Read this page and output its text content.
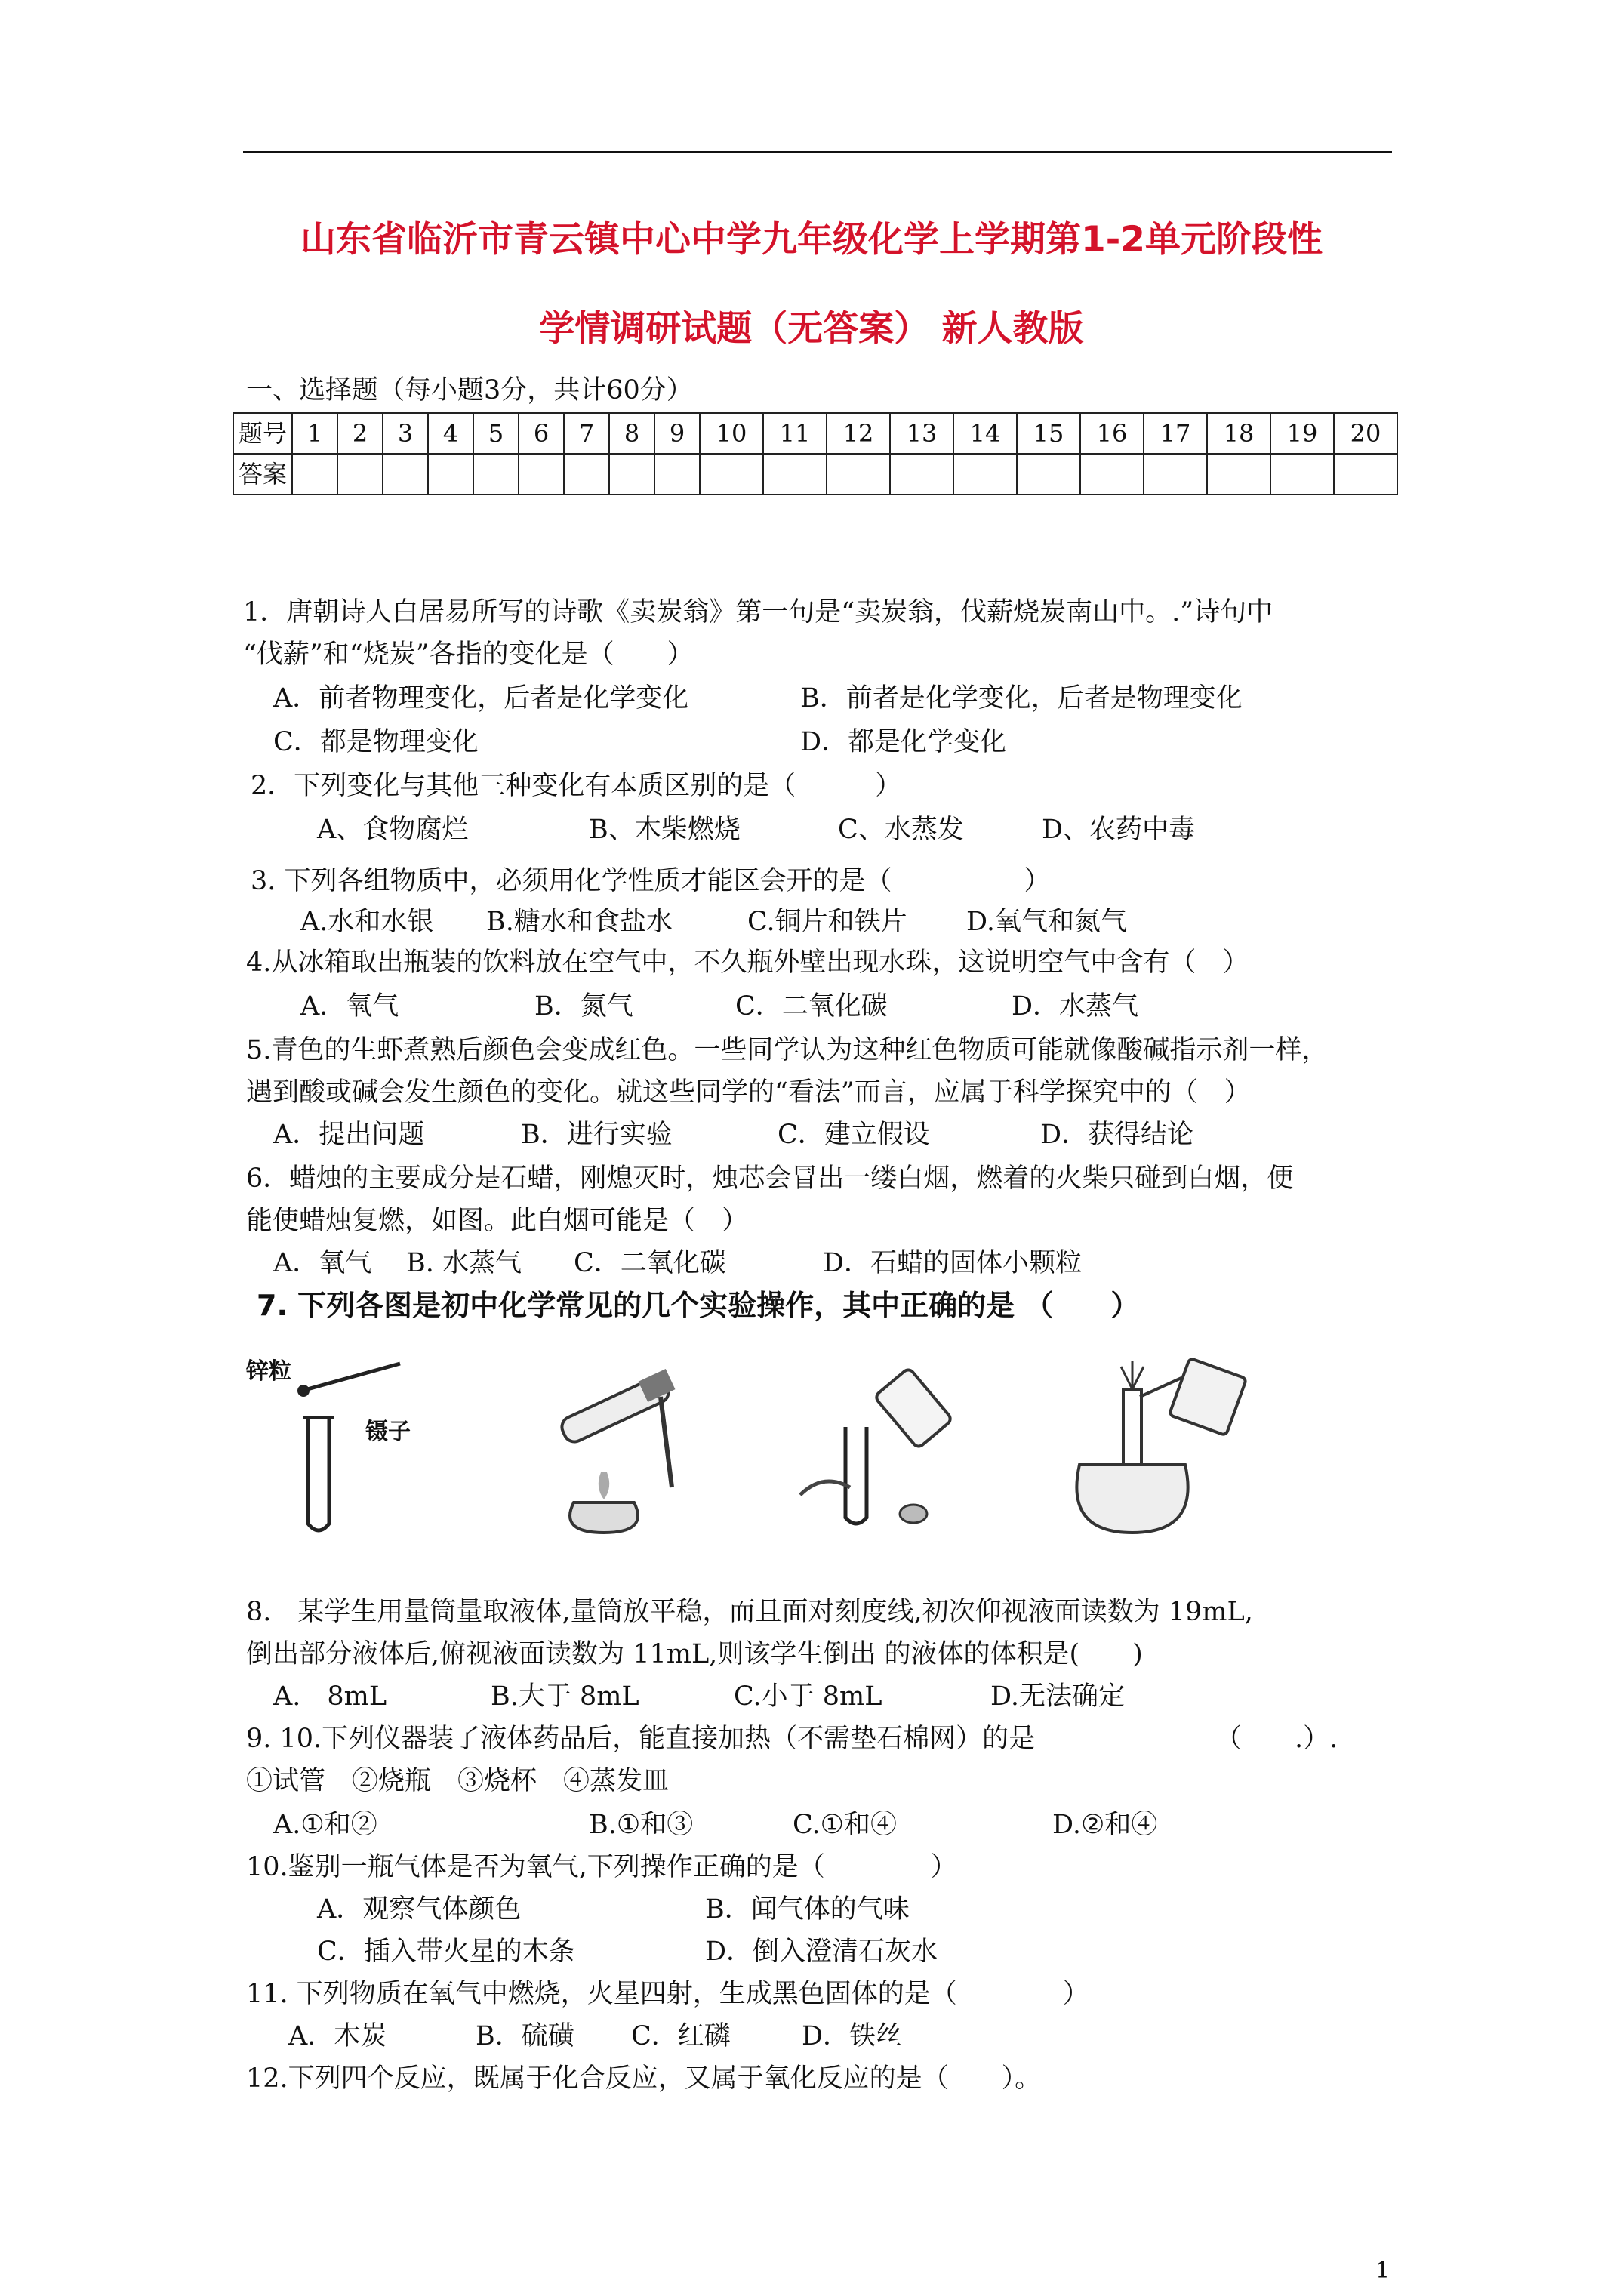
山东省临沂市青云镇中心中学九年级化学上学期第1-2单元阶段性
学情调研试题（无答案） 新人教版
一、选择题（每小题3分，共计60分）
题号	1	2	3	4	5	6	7	8	9	10	11	12	13	14	15	16	17	18	19	20
答案																				
1．唐朝诗人白居易所写的诗歌《卖炭翁》第一句是“卖炭翁，伐薪烧炭南山中。.”诗句中
“伐薪”和“烧炭”各指的变化是（　　）
A．前者物理变化，后者是化学变化	B．前者是化学变化，后者是物理变化
C．都是物理变化	D．都是化学变化
2．下列变化与其他三种变化有本质区别的是（　　　）
A、食物腐烂	B、木柴燃烧	C、水蒸发	D、农药中毒
3. 下列各组物质中，必须用化学性质才能区会开的是（　　　　　）
A.水和水银 B.糖水和食盐水	C.铜片和铁片 D.氧气和氮气
4.从冰箱取出瓶装的饮料放在空气中，不久瓶外壁出现水珠，这说明空气中含有（　）
A．氧气	B．氮气	C．二氧化碳	D．水蒸气
5.青色的生虾煮熟后颜色会变成红色。一些同学认为这种红色物质可能就像酸碱指示剂一样，
遇到酸或碱会发生颜色的变化。就这些同学的“看法”而言，应属于科学探究中的（　）
A．提出问题	B．进行实验	C．建立假设	D．获得结论
6．蜡烛的主要成分是石蜡，刚熄灭时，烛芯会冒出一缕白烟，燃着的火柴只碰到白烟，便
能使蜡烛复燃，如图。此白烟可能是（　）
A．氧气 B. 水蒸气 C．二氧化碳	D．石蜡的固体小颗粒
7. 下列各图是初中化学常见的几个实验操作，其中正确的是 （　　）
锌粒
镊子
8.　某学生用量筒量取液体,量筒放平稳，而且面对刻度线,初次仰视液面读数为 19mL,
倒出部分液体后,俯视液面读数为 11mL,则该学生倒出 的液体的体积是(　　)
A.　8mL	B.大于 8mL	C.小于 8mL	D.无法确定
9. 10.下列仪器装了液体药品后，能直接加热（不需垫石棉网）的是	（　　.）.
①试管　②烧瓶　③烧杯　④蒸发皿
A.①和②	B.①和③	C.①和④	D.②和④
10.鉴别一瓶气体是否为氧气,下列操作正确的是（　　　　）
A．观察气体颜色	B．闻气体的气味
C．插入带火星的木条	D．倒入澄清石灰水
11. 下列物质在氧气中燃烧，火星四射，生成黑色固体的是（　　　　）
A．木炭	B．硫磺 C．红磷	D．铁丝
12.下列四个反应，既属于化合反应，又属于氧化反应的是（　　）。
1
